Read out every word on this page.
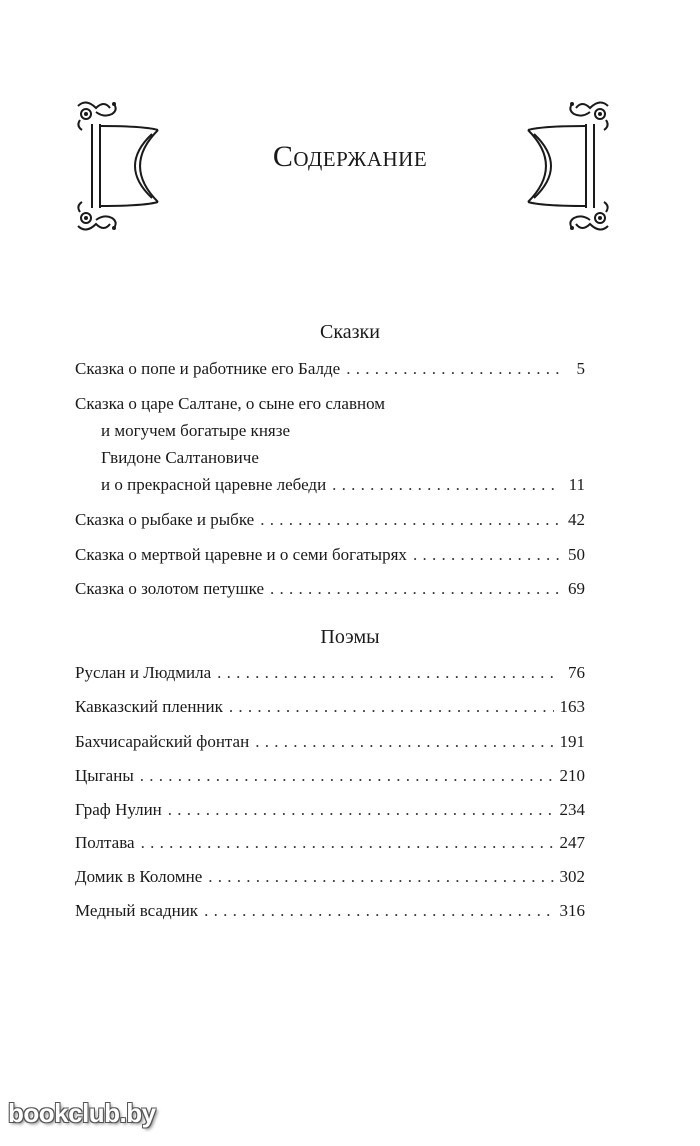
Содержание
Сказки
Сказка о попе и работнике его Балде . . .	5
Сказка о царе Салтане, о сыне его славном
и могучем богатыре князе
Гвидоне Салтановиче
и о прекрасной царевне лебеди . . .	11
Сказка о рыбаке и рыбке . . .	42
Сказка о мертвой царевне и о семи богатырях . . .	50
Сказка о золотом петушке . . .	69
Поэмы
Руслан и Людмила . . .	76
Кавказский пленник . . .	163
Бахчисарайский фонтан . . .	191
Цыганы . . .	210
Граф Нулин . . .	234
Полтава . . .	247
Домик в Коломне . . .	302
Медный всадник . . .	316
bookclub.by
